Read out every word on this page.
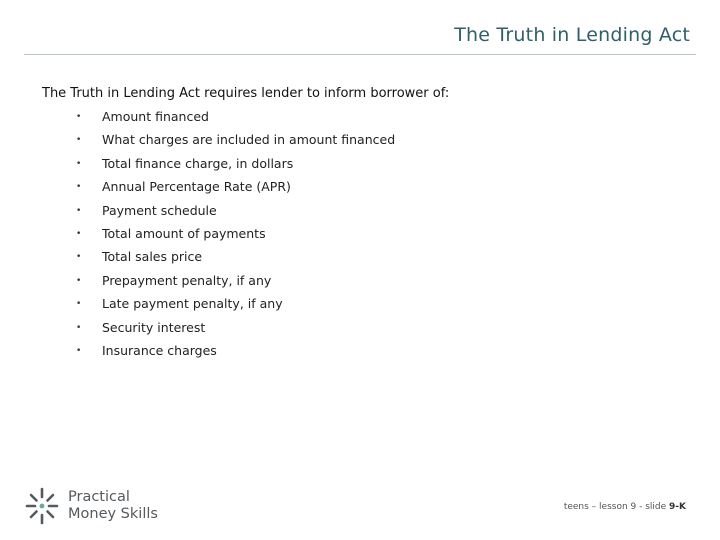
The Truth in Lending Act
The Truth in Lending Act requires lender to inform borrower of:
• Amount financed
• What charges are included in amount financed
• Total finance charge, in dollars
• Annual Percentage Rate (APR)
• Payment schedule
• Total amount of payments
• Total sales price
• Prepayment penalty, if any
• Late payment penalty, if any
• Security interest
• Insurance charges
Practical
Money Skills	teens – lesson 9 - slide 9-K
